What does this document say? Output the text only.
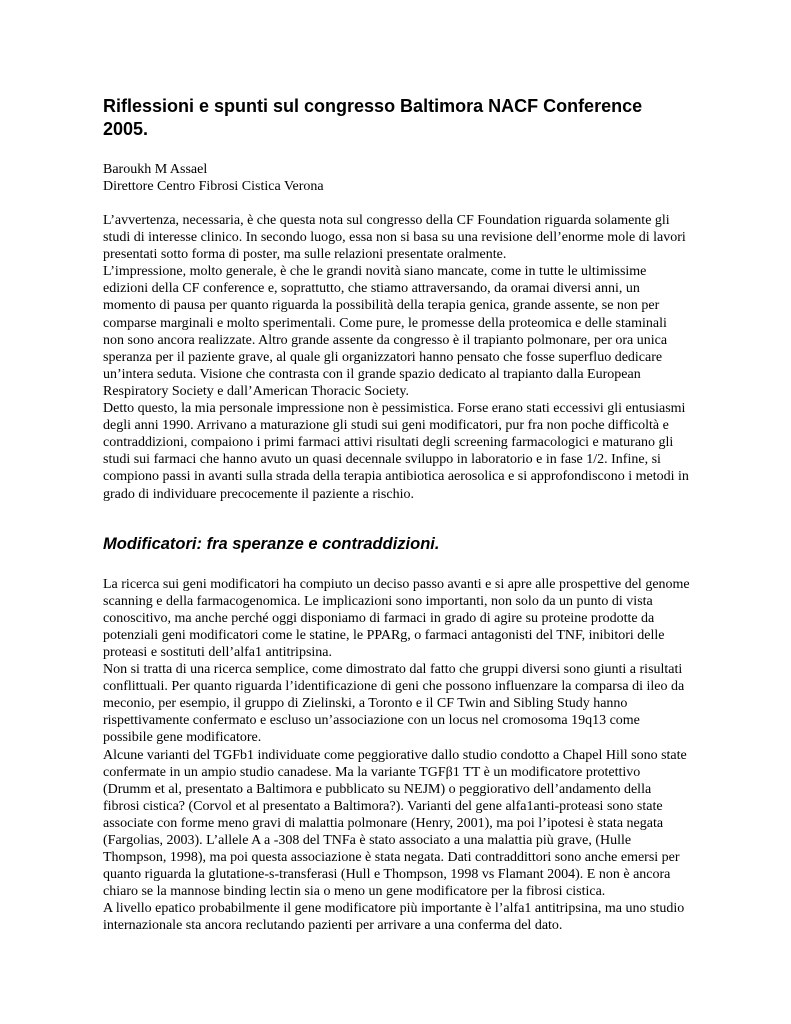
Riflessioni e spunti sul congresso Baltimora NACF Conference 2005.

Baroukh M Assael

Direttore Centro Fibrosi Cistica Verona

L’avvertenza, necessaria, è che questa nota sul congresso della CF Foundation riguarda solamente gli studi di interesse clinico. In secondo luogo, essa non si basa su una revisione dell’enorme mole di lavori presentati sotto forma di poster, ma sulle relazioni presentate oralmente.

L’impressione, molto generale, è che le grandi novità siano mancate, come in tutte le ultimissime edizioni della CF conference e, soprattutto, che stiamo attraversando, da oramai diversi anni, un momento di pausa per quanto riguarda la possibilità della terapia genica, grande assente, se non per comparse marginali e molto sperimentali. Come pure, le promesse della proteomica e delle staminali non sono ancora realizzate. Altro grande assente da congresso è il trapianto polmonare, per ora unica speranza per il paziente grave, al quale gli organizzatori hanno pensato che fosse superfluo dedicare un’intera seduta. Visione che contrasta con il grande spazio dedicato al trapianto dalla European Respiratory Society e dall’American Thoracic Society.

Detto questo, la mia personale impressione non è pessimistica. Forse erano stati eccessivi gli entusiasmi degli anni 1990. Arrivano a maturazione gli studi sui geni modificatori, pur fra non poche difficoltà e contraddizioni, compaiono i primi farmaci attivi risultati degli screening farmacologici e maturano gli studi sui farmaci che hanno avuto un quasi decennale sviluppo in laboratorio e in fase 1/2. Infine, si compiono passi in avanti sulla strada della terapia antibiotica aerosolica e si approfondiscono i metodi in grado di individuare precocemente il paziente a rischio.

Modificatori: fra speranze e contraddizioni.

La ricerca sui geni modificatori ha compiuto un deciso passo avanti e si apre alle prospettive del genome scanning e della farmacogenomica. Le implicazioni sono importanti, non solo da un punto di vista conoscitivo, ma anche perché oggi disponiamo di farmaci in grado di agire su proteine prodotte da potenziali geni modificatori come le statine, le PPARg, o farmaci antagonisti del TNF, inibitori delle proteasi e sostituti dell’alfa1 antitripsina.

Non si tratta di una ricerca semplice, come dimostrato dal fatto che gruppi diversi sono giunti a risultati conflittuali. Per quanto riguarda l’identificazione di geni che possono influenzare la comparsa di ileo da meconio, per esempio, il gruppo di Zielinski, a Toronto e il CF Twin and Sibling Study hanno rispettivamente confermato e escluso un’associazione con un locus nel cromosoma 19q13 come possibile gene modificatore.

Alcune varianti del TGFb1 individuate come peggiorative dallo studio condotto a Chapel Hill sono state confermate in un ampio studio canadese. Ma la variante TGFβ1 TT è un modificatore protettivo (Drumm et al, presentato a Baltimora e pubblicato su NEJM) o peggiorativo dell’andamento della fibrosi cistica? (Corvol et al presentato a Baltimora?). Varianti del gene alfa1anti-proteasi sono state associate con forme meno gravi di malattia polmonare (Henry, 2001), ma poi l’ipotesi è stata negata (Fargolias, 2003). L’allele A a -308 del TNFa è stato associato a una malattia più grave, (Hulle Thompson, 1998), ma poi questa associazione è stata negata. Dati contraddittori sono anche emersi per quanto riguarda la glutatione-s-transferasi (Hull e Thompson, 1998 vs Flamant 2004). E non è ancora chiaro se la mannose binding lectin sia o meno un gene modificatore per la fibrosi cistica.

A livello epatico probabilmente il gene modificatore più importante è l’alfa1 antitripsina, ma uno studio internazionale sta ancora reclutando pazienti per arrivare a una conferma del dato.
